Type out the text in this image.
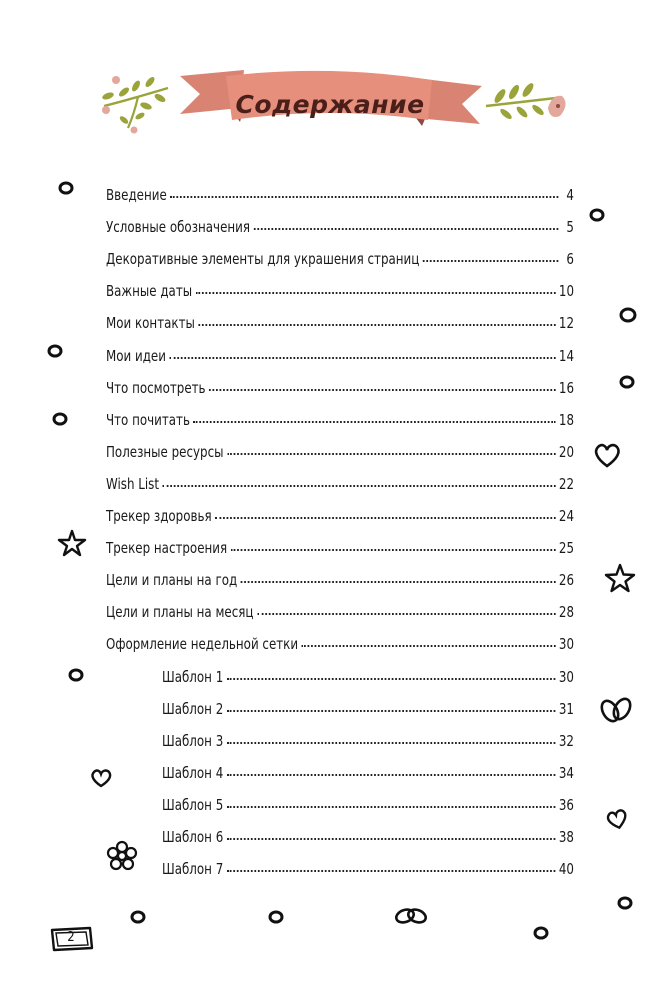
Содержание
Введение	4
Условные обозначения	5
Декоративные элементы для украшения страниц	6
Важные даты	10
Мои контакты	12
Мои идеи	14
Что посмотреть	16
Что почитать	18
Полезные ресурсы	20
Wish List	22
Трекер здоровья	24
Трекер настроения	25
Цели и планы на год	26
Цели и планы на месяц	28
Оформление недельной сетки	30
Шаблон 1	30
Шаблон 2	31
Шаблон 3	32
Шаблон 4	34
Шаблон 5	36
Шаблон 6	38
Шаблон 7	40
2
